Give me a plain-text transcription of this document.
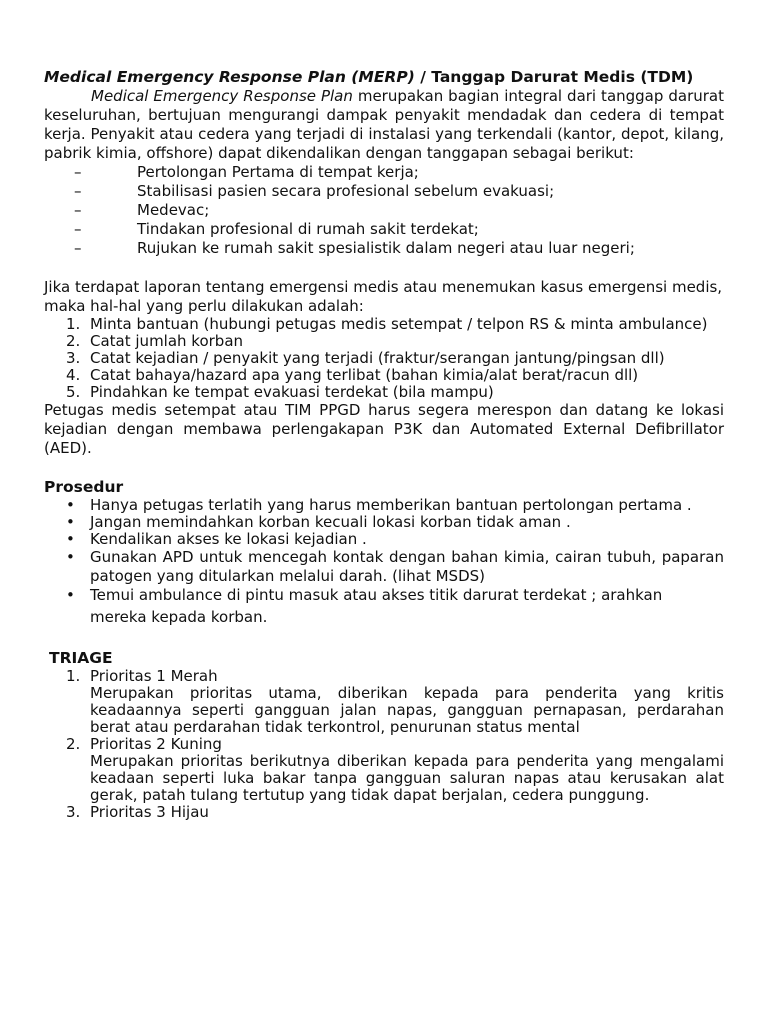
Medical Emergency Response Plan (MERP) / Tanggap Darurat Medis (TDM)

Medical Emergency Response Plan merupakan bagian integral dari tanggap darurat keseluruhan, bertujuan mengurangi dampak penyakit mendadak dan cedera di tempat kerja. Penyakit atau cedera yang terjadi di instalasi yang terkendali (kantor, depot, kilang, pabrik kimia, offshore) dapat dikendalikan dengan tanggapan sebagai berikut:

–	Pertolongan Pertama di tempat kerja;
–	Stabilisasi pasien secara profesional sebelum evakuasi;
–	Medevac;
–	Tindakan profesional di rumah sakit terdekat;
–	Rujukan ke rumah sakit spesialistik dalam negeri atau luar negeri;

Jika terdapat laporan tentang emergensi medis atau menemukan kasus emergensi medis, maka hal-hal yang perlu dilakukan adalah:

1. Minta bantuan (hubungi petugas medis setempat / telpon RS & minta ambulance)
2. Catat jumlah korban
3. Catat kejadian / penyakit yang terjadi (fraktur/serangan jantung/pingsan dll)
4. Catat bahaya/hazard apa yang terlibat (bahan kimia/alat berat/racun dll)
5. Pindahkan ke tempat evakuasi terdekat (bila mampu)

Petugas medis setempat atau TIM PPGD harus segera merespon dan datang ke lokasi kejadian dengan membawa perlengakapan P3K dan Automated External Defibrillator (AED).

Prosedur

• Hanya petugas terlatih yang harus memberikan bantuan pertolongan pertama .
• Jangan memindahkan korban kecuali lokasi korban tidak aman .
• Kendalikan akses ke lokasi kejadian .
• Gunakan APD untuk mencegah kontak dengan bahan kimia, cairan tubuh, paparan patogen yang ditularkan melalui darah. (lihat MSDS)
• Temui ambulance di pintu masuk atau akses titik darurat terdekat ; arahkan

mereka kepada korban.

TRIAGE

1. Prioritas 1 Merah
Merupakan prioritas utama, diberikan kepada para penderita yang kritis keadaannya seperti gangguan jalan napas, gangguan pernapasan, perdarahan berat atau perdarahan tidak terkontrol, penurunan status mental
2. Prioritas 2 Kuning
Merupakan prioritas berikutnya diberikan kepada para penderita yang mengalami keadaan seperti luka bakar tanpa gangguan saluran napas atau kerusakan alat gerak, patah tulang tertutup yang tidak dapat berjalan, cedera punggung.
3. Prioritas 3 Hijau
